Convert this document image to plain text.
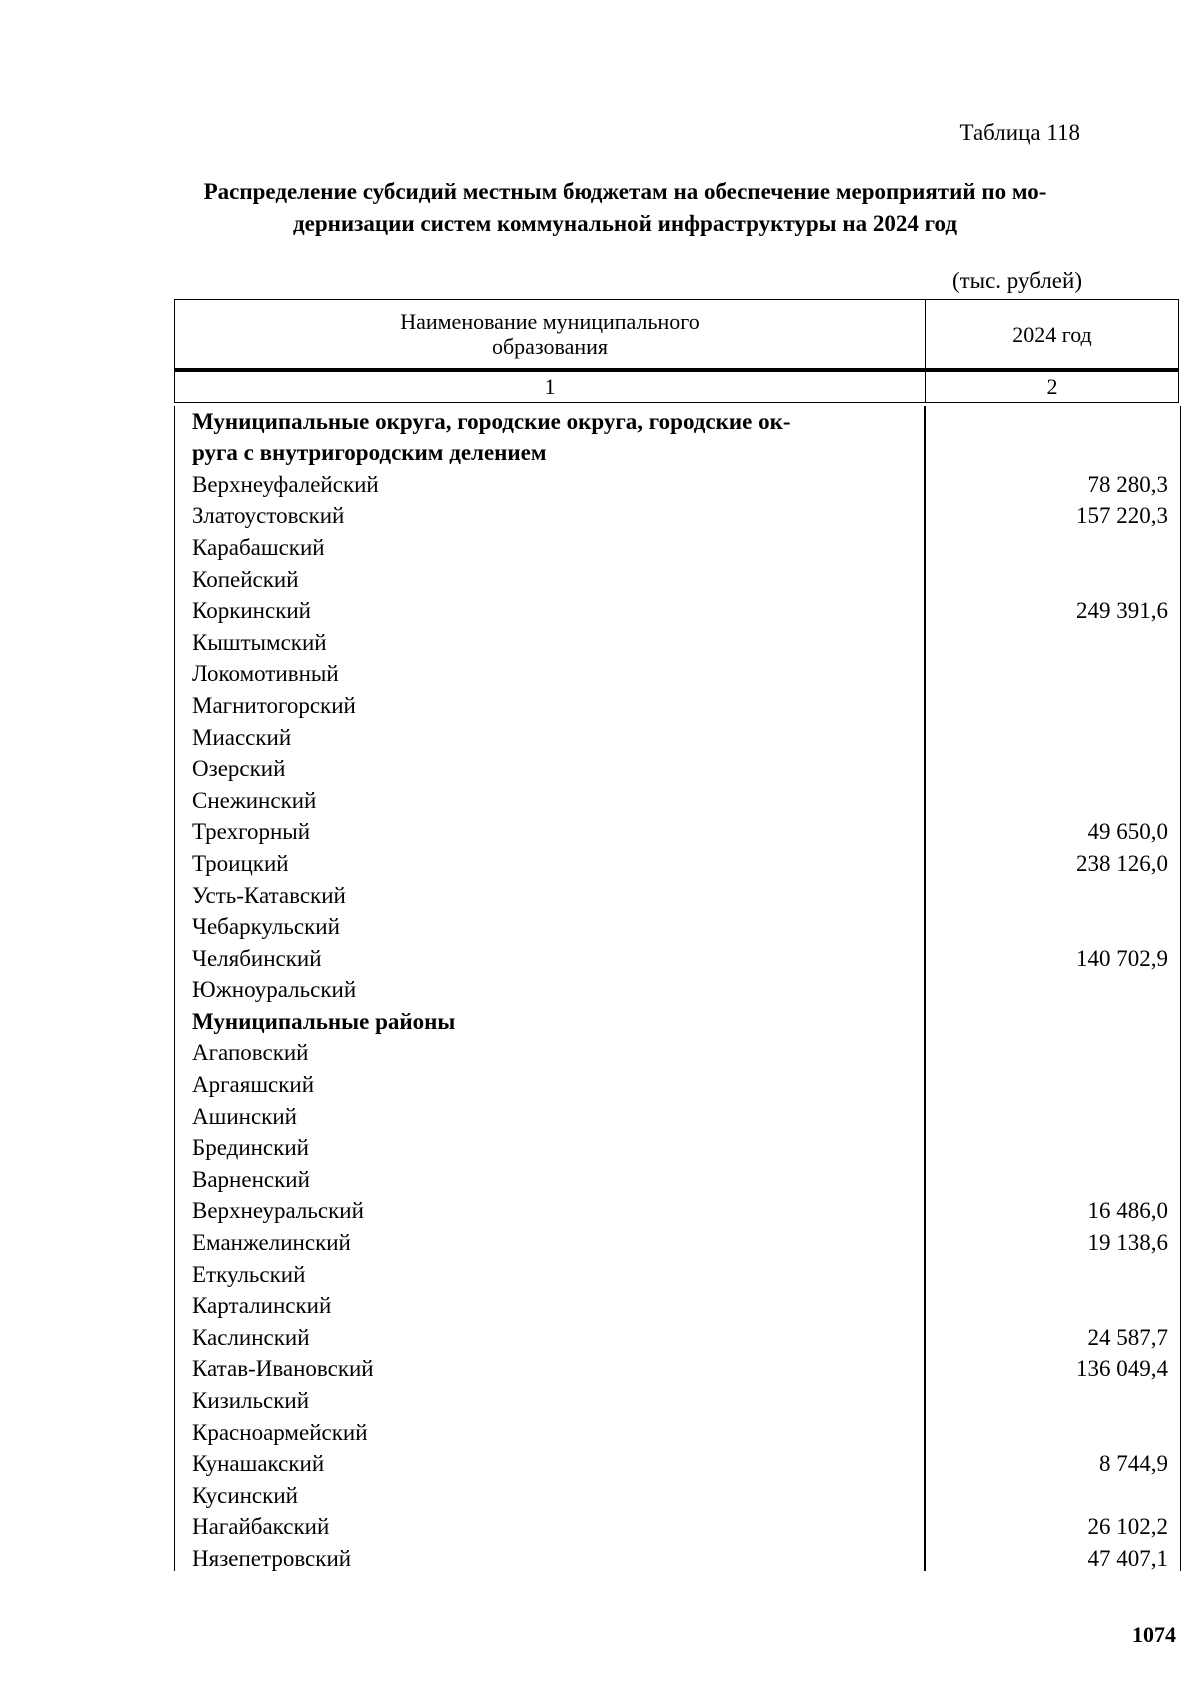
Таблица 118

Распределение субсидий местным бюджетам на обеспечение мероприятий по мо-
дернизации систем коммунальной инфраструктуры на 2024 год

(тыс. рублей)

Наименование муниципального
образования	2024 год
1	2
Муниципальные округа, городские округа, городские ок-
руга с внутригородским делением
Верхнеуфалейский	78 280,3
Златоустовский	157 220,3
Карабашский
Копейский
Коркинский	249 391,6
Кыштымский
Локомотивный
Магнитогорский
Миасский
Озерский
Снежинский
Трехгорный	49 650,0
Троицкий	238 126,0
Усть-Катавский
Чебаркульский
Челябинский	140 702,9
Южноуральский
Муниципальные районы
Агаповский
Аргаяшский
Ашинский
Брединский
Варненский
Верхнеуральский	16 486,0
Еманжелинский	19 138,6
Еткульский
Карталинский
Каслинский	24 587,7
Катав-Ивановский	136 049,4
Кизильский
Красноармейский
Кунашакский	8 744,9
Кусинский
Нагайбакский	26 102,2
Нязепетровский	47 407,1

1074
